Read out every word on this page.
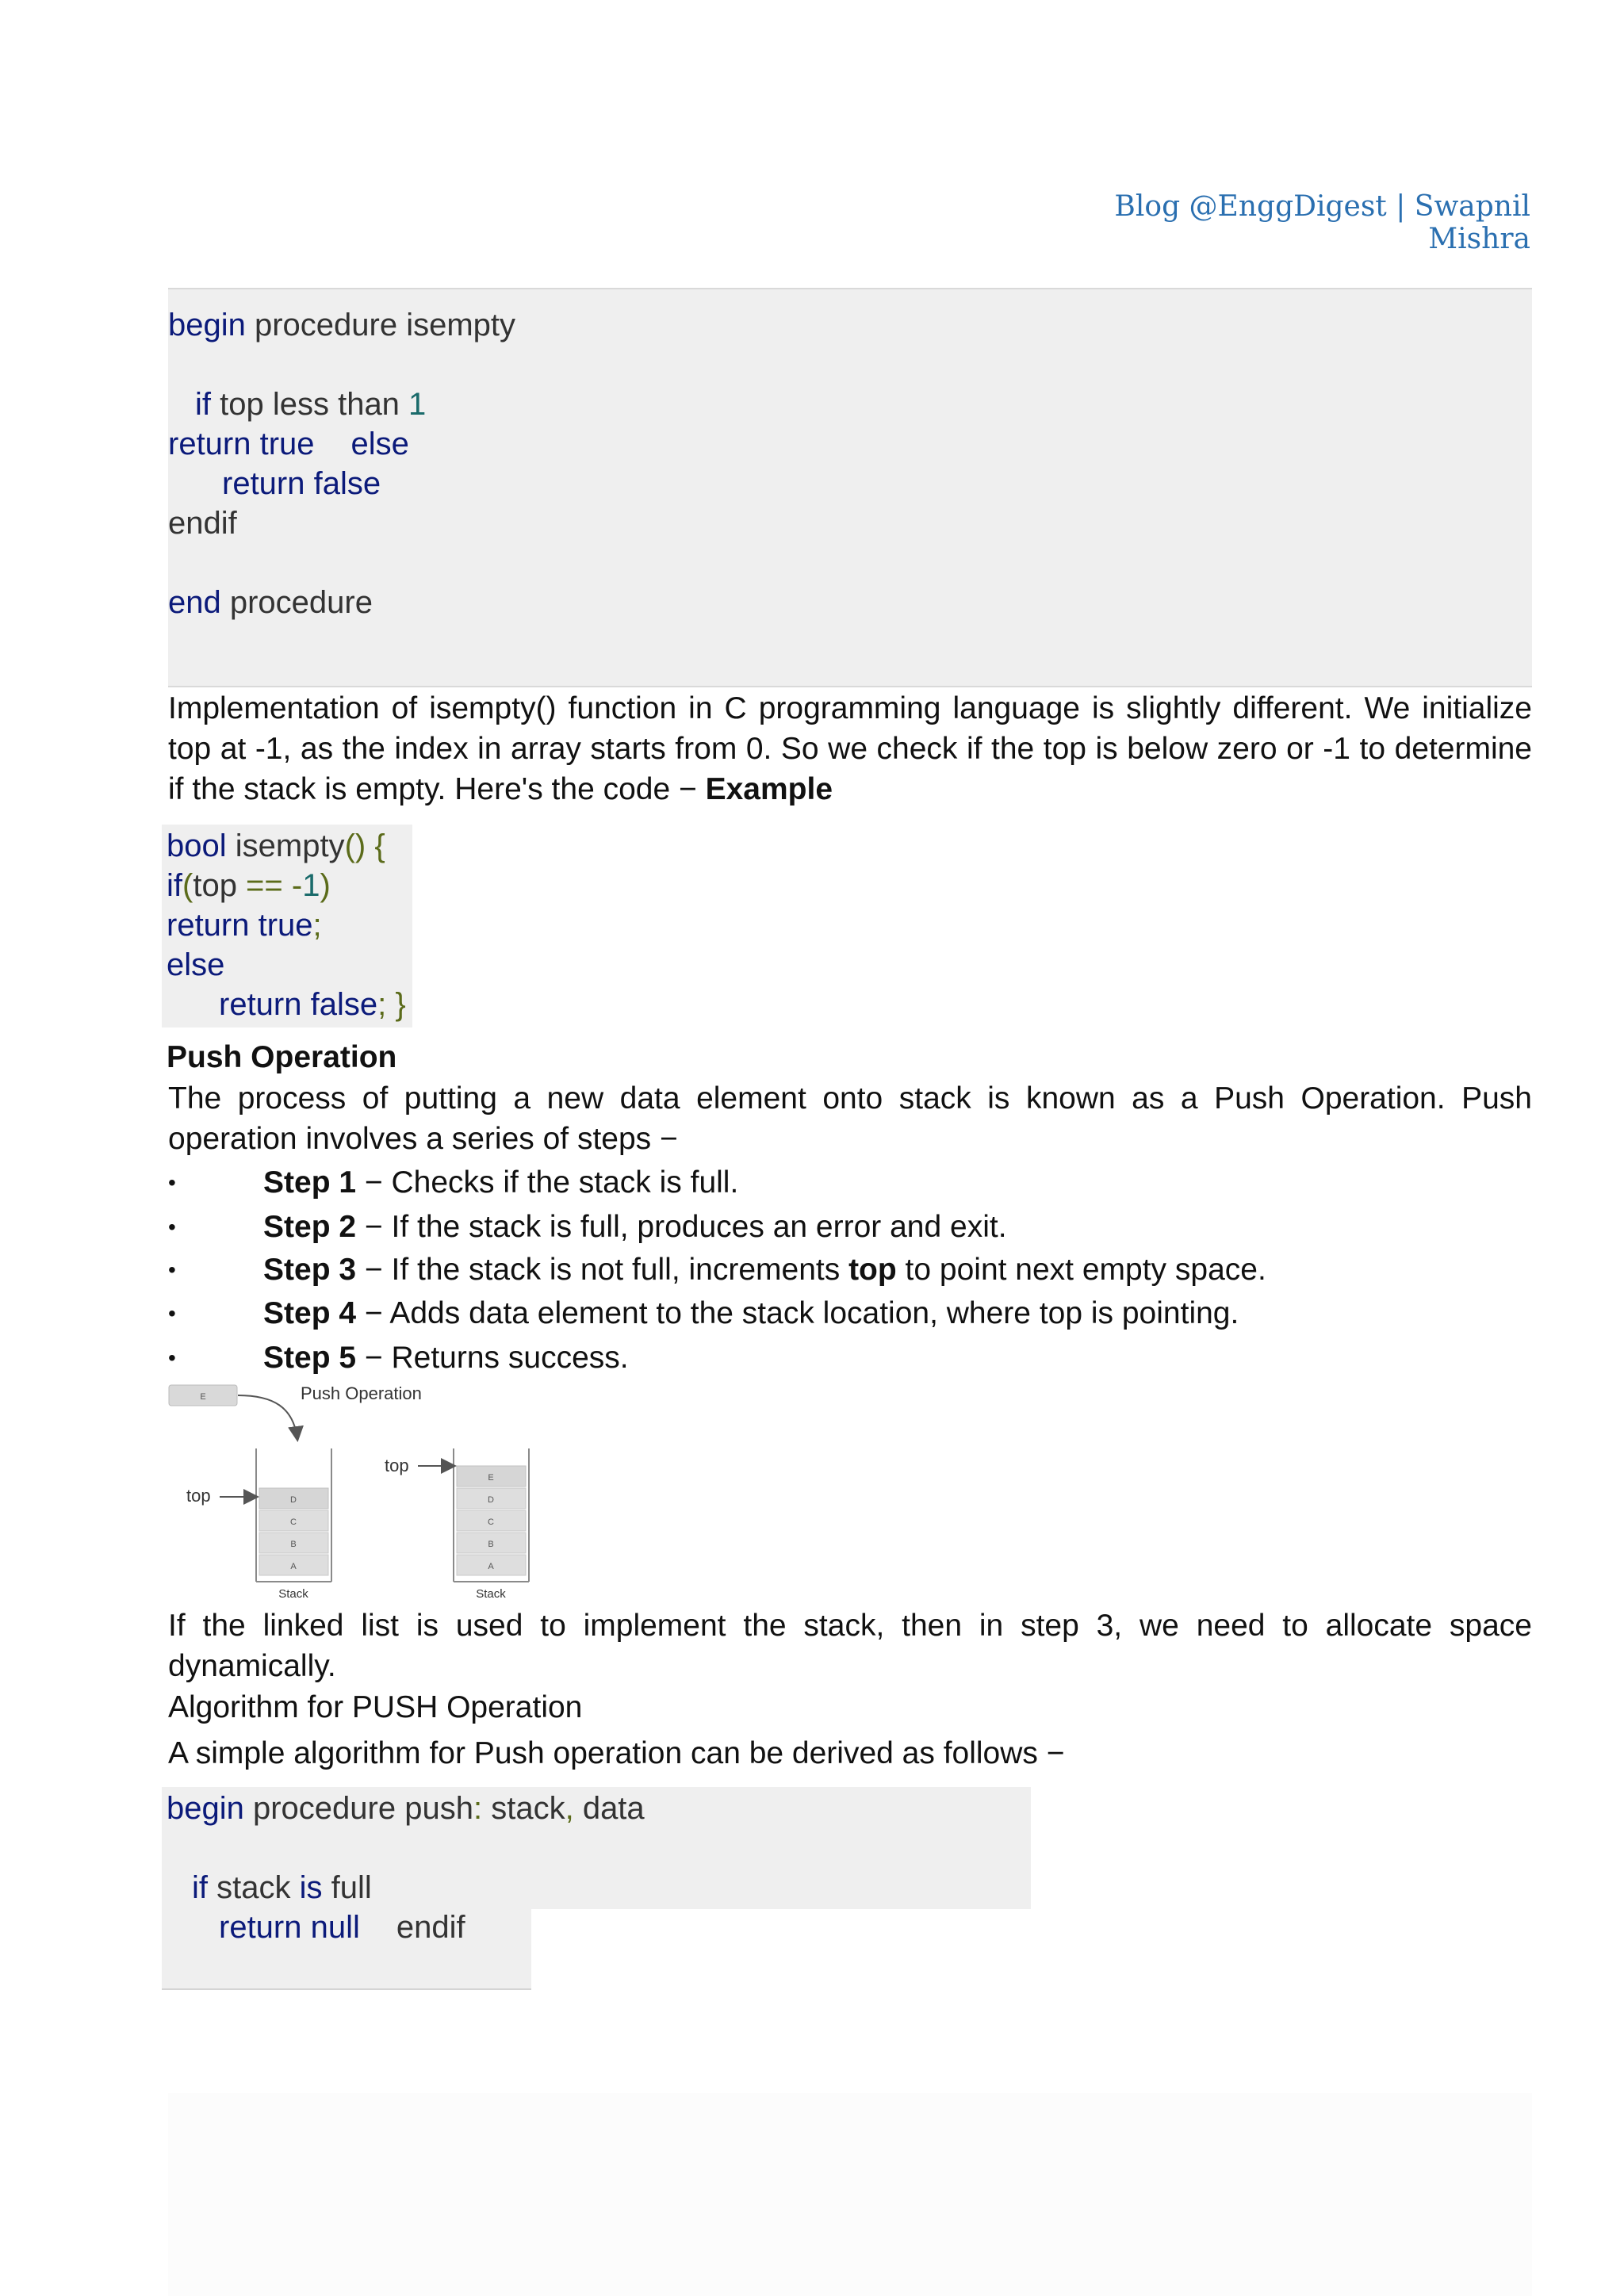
Blog @EnggDigest | Swapnil Mishra
begin procedure isempty
if top less than 1
return true else
return false
endif
end procedure
Implementation of isempty() function in C programming language is slightly different. We initialize top at -1, as the index in array starts from 0. So we check if the top is below zero or -1 to determine if the stack is empty. Here's the code − Example
bool isempty() {
if(top == -1)
return true;
else
return false; }
Push Operation
The process of putting a new data element onto stack is known as a Push Operation. Push operation involves a series of steps −
•	Step 1 − Checks if the stack is full.
•	Step 2 − If the stack is full, produces an error and exit.
•	Step 3 − If the stack is not full, increments top to point next empty space.
•	Step 4 − Adds data element to the stack location, where top is pointing.
•	Step 5 − Returns success.
Push Operation
E
D
C
B
A
Stack
top
E
D
C
B
A
Stack
top
If the linked list is used to implement the stack, then in step 3, we need to allocate space dynamically.
Algorithm for PUSH Operation
A simple algorithm for Push operation can be derived as follows −
begin procedure push: stack, data
if stack is full
return null endif
